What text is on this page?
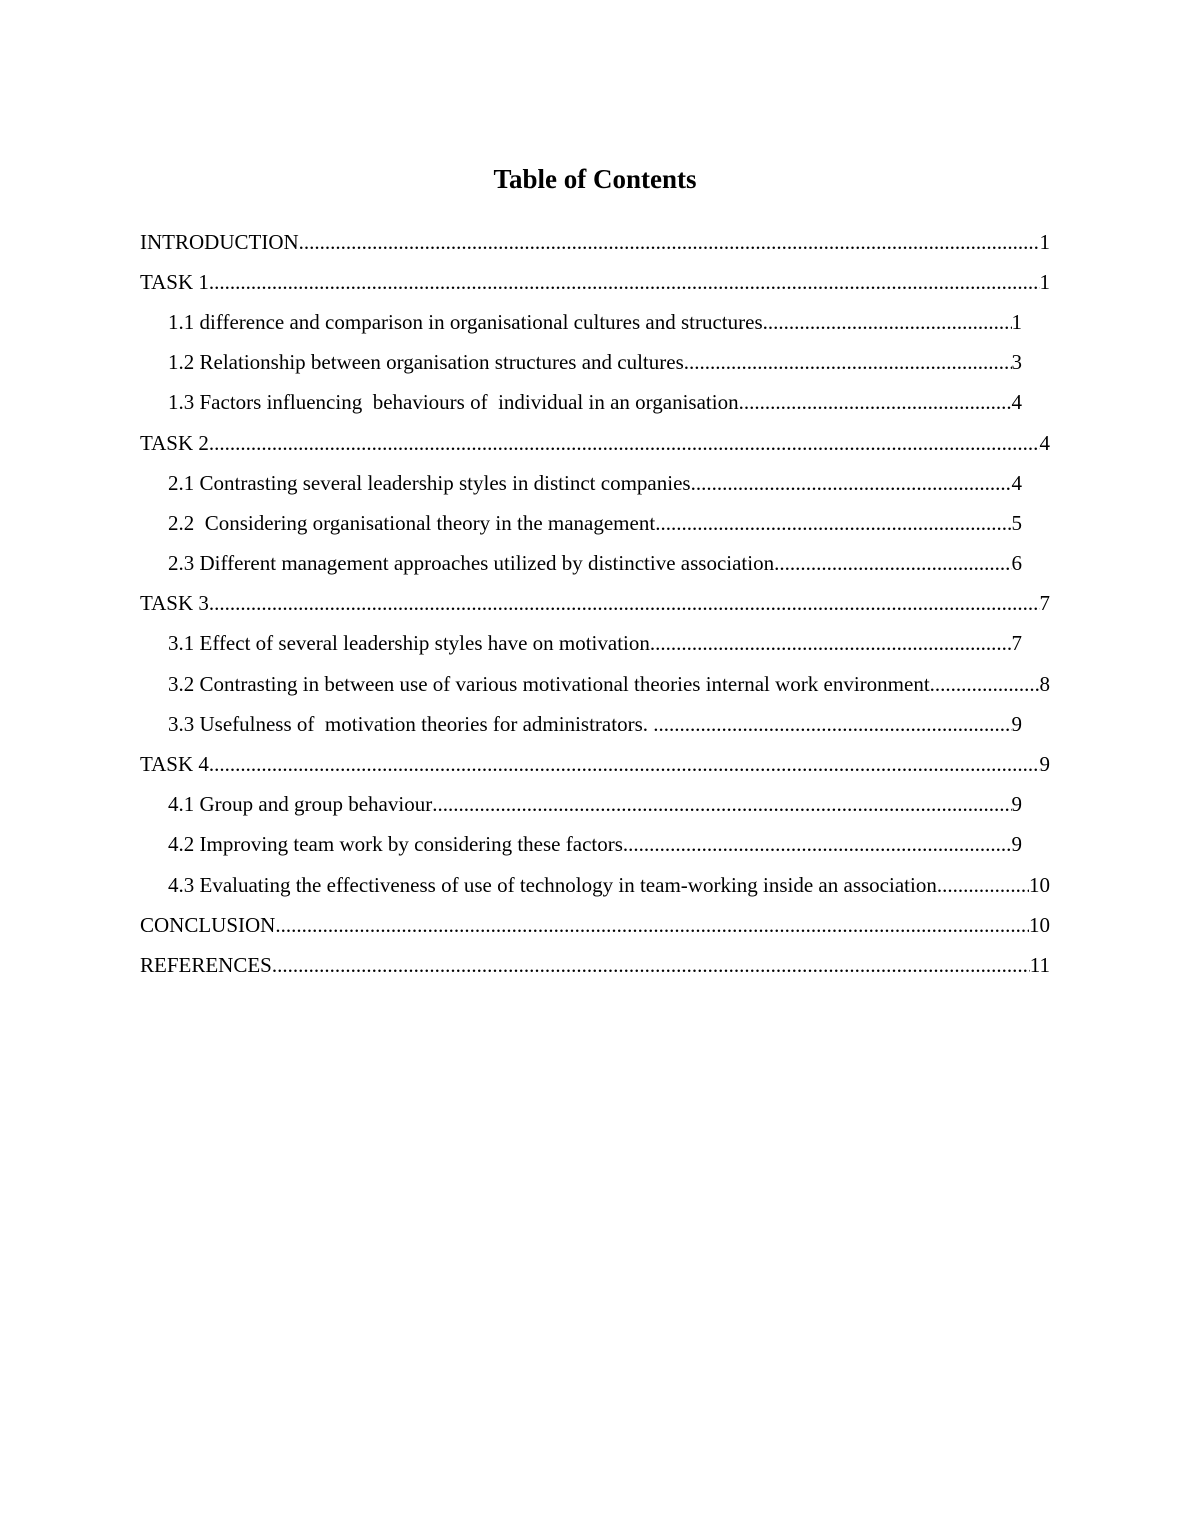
Table of Contents
INTRODUCTION .....	1
TASK 1 .....	1
1.1 difference and comparison in organisational cultures and structures .....	1
1.2 Relationship between organisation structures and cultures .....	3
1.3 Factors influencing  behaviours of  individual in an organisation .....	4
TASK 2 .....	4
2.1 Contrasting several leadership styles in distinct companies .....	4
2.2  Considering organisational theory in the management .....	5
2.3 Different management approaches utilized by distinctive association .....	6
TASK 3 .....	7
3.1 Effect of several leadership styles have on motivation .....	7
3.2 Contrasting in between use of various motivational theories internal work environment .....	8
3.3 Usefulness of  motivation theories for administrators. .....	9
TASK 4 .....	9
4.1 Group and group behaviour .....	9
4.2 Improving team work by considering these factors .....	9
4.3 Evaluating the effectiveness of use of technology in team-working inside an association .....	10
CONCLUSION .....	10
REFERENCES .....	11
